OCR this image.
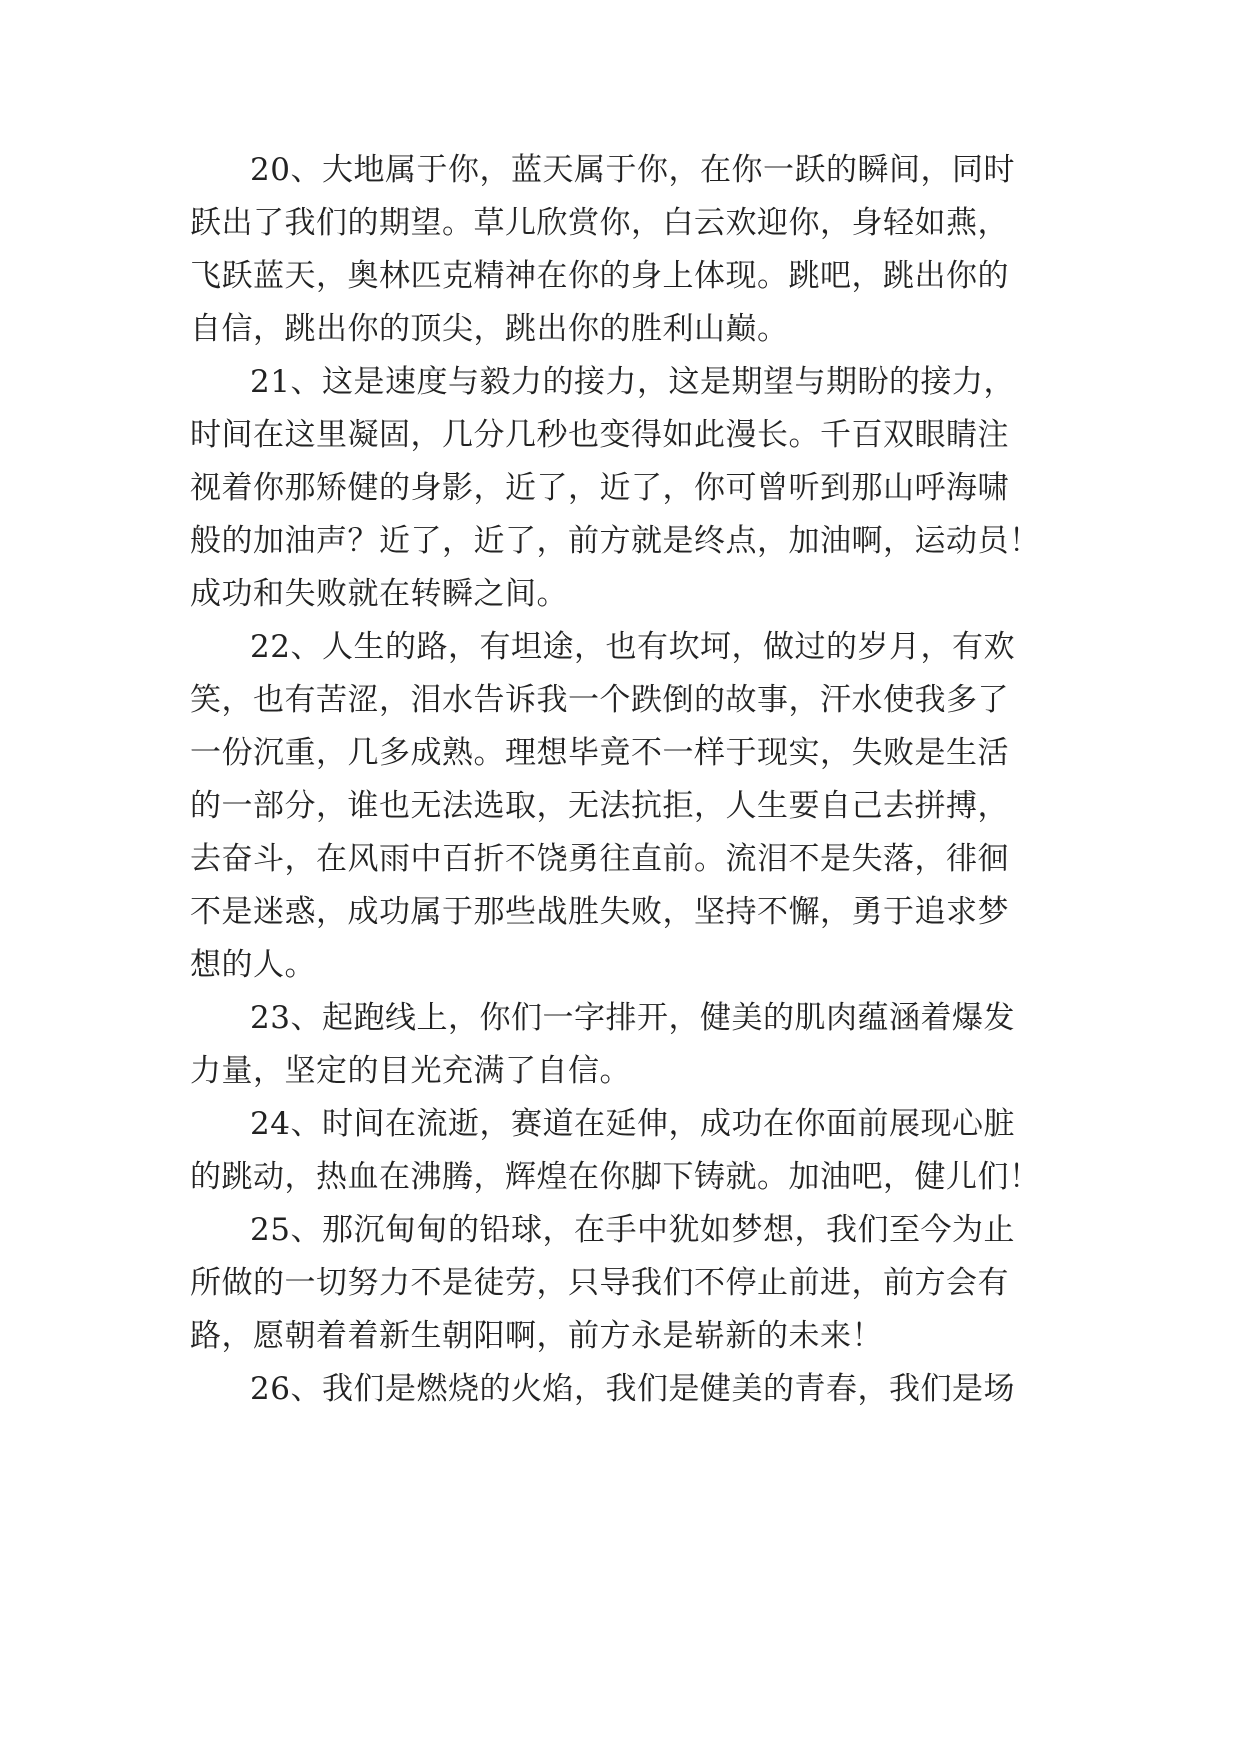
20、大地属于你，蓝天属于你，在你一跃的瞬间，同时
跃出了我们的期望。草儿欣赏你，白云欢迎你，身轻如燕，
飞跃蓝天，奥林匹克精神在你的身上体现。跳吧，跳出你的
自信，跳出你的顶尖，跳出你的胜利山巅。
21、这是速度与毅力的接力，这是期望与期盼的接力，
时间在这里凝固，几分几秒也变得如此漫长。千百双眼睛注
视着你那矫健的身影，近了，近了，你可曾听到那山呼海啸
般的加油声？近了，近了，前方就是终点，加油啊，运动员！
成功和失败就在转瞬之间。
22、人生的路，有坦途，也有坎坷，做过的岁月，有欢
笑，也有苦涩，泪水告诉我一个跌倒的故事，汗水使我多了
一份沉重，几多成熟。理想毕竟不一样于现实，失败是生活
的一部分，谁也无法选取，无法抗拒，人生要自己去拼搏，
去奋斗，在风雨中百折不饶勇往直前。流泪不是失落，徘徊
不是迷惑，成功属于那些战胜失败，坚持不懈，勇于追求梦
想的人。
23、起跑线上，你们一字排开，健美的肌肉蕴涵着爆发
力量，坚定的目光充满了自信。
24、时间在流逝，赛道在延伸，成功在你面前展现心脏
的跳动，热血在沸腾，辉煌在你脚下铸就。加油吧，健儿们！
25、那沉甸甸的铅球，在手中犹如梦想，我们至今为止
所做的一切努力不是徒劳，只导我们不停止前进，前方会有
路，愿朝着着新生朝阳啊，前方永是崭新的未来！
26、我们是燃烧的火焰，我们是健美的青春，我们是场
